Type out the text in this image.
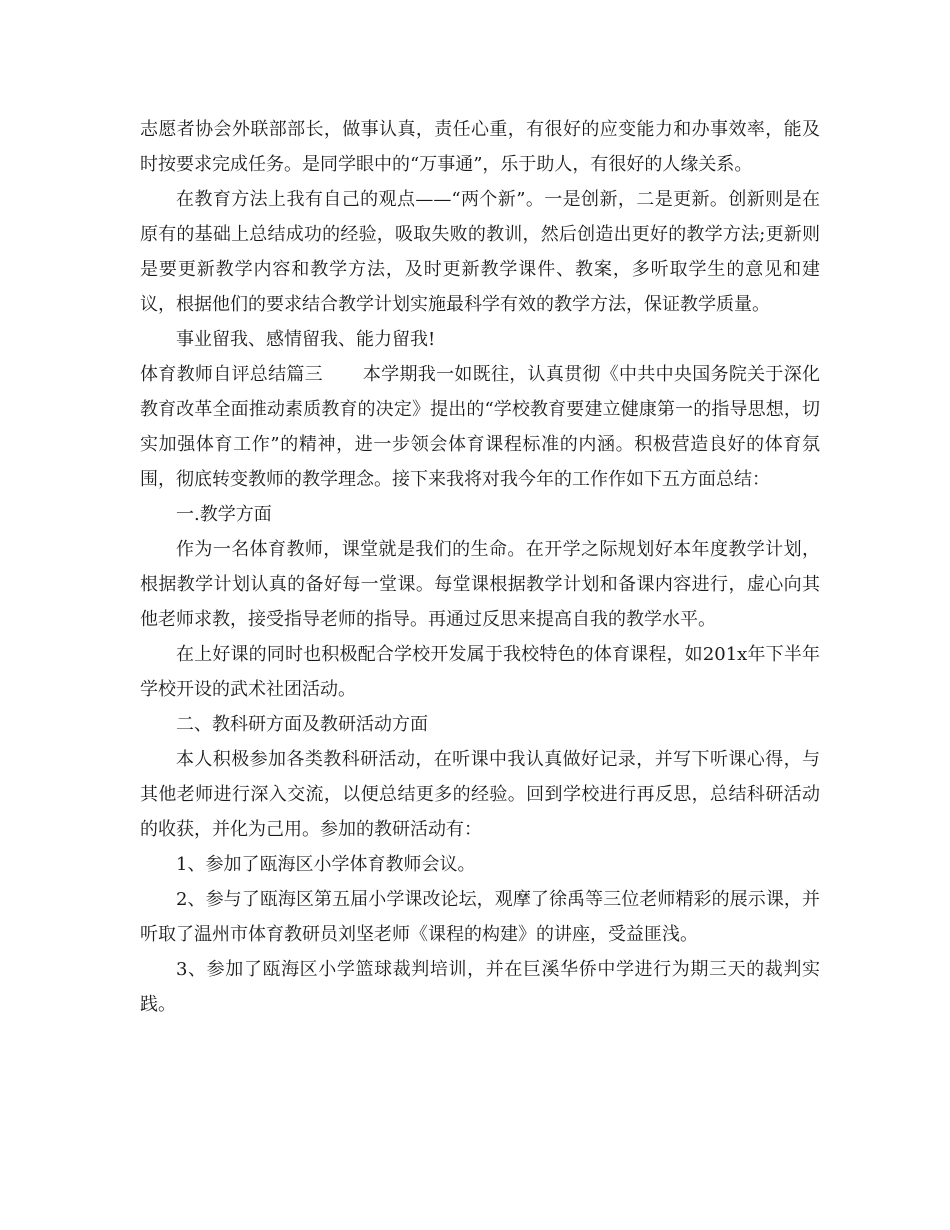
志愿者协会外联部部长，做事认真，责任心重，有很好的应变能力和办事效率，能及时按要求完成任务。是同学眼中的“万事通”，乐于助人，有很好的人缘关系。

在教育方法上我有自己的观点——“两个新”。一是创新，二是更新。创新则是在原有的基础上总结成功的经验，吸取失败的教训，然后创造出更好的教学方法;更新则是要更新教学内容和教学方法，及时更新教学课件、教案，多听取学生的意见和建议，根据他们的要求结合教学计划实施最科学有效的教学方法，保证教学质量。

事业留我、感情留我、能力留我!

体育教师自评总结篇三 本学期我一如既往，认真贯彻《中共中央国务院关于深化教育改革全面推动素质教育的决定》提出的“学校教育要建立健康第一的指导思想，切实加强体育工作”的精神，进一步领会体育课程标准的内涵。积极营造良好的体育氛围，彻底转变教师的教学理念。接下来我将对我今年的工作作如下五方面总结：

一.教学方面

作为一名体育教师，课堂就是我们的生命。在开学之际规划好本年度教学计划，根据教学计划认真的备好每一堂课。每堂课根据教学计划和备课内容进行，虚心向其他老师求教，接受指导老师的指导。再通过反思来提高自我的教学水平。

在上好课的同时也积极配合学校开发属于我校特色的体育课程，如201x年下半年学校开设的武术社团活动。

二、教科研方面及教研活动方面

本人积极参加各类教科研活动，在听课中我认真做好记录，并写下听课心得，与其他老师进行深入交流，以便总结更多的经验。回到学校进行再反思，总结科研活动的收获，并化为己用。参加的教研活动有：

1、参加了瓯海区小学体育教师会议。

2、参与了瓯海区第五届小学课改论坛，观摩了徐禹等三位老师精彩的展示课，并听取了温州市体育教研员刘坚老师《课程的构建》的讲座，受益匪浅。

3、参加了瓯海区小学篮球裁判培训，并在巨溪华侨中学进行为期三天的裁判实践。
